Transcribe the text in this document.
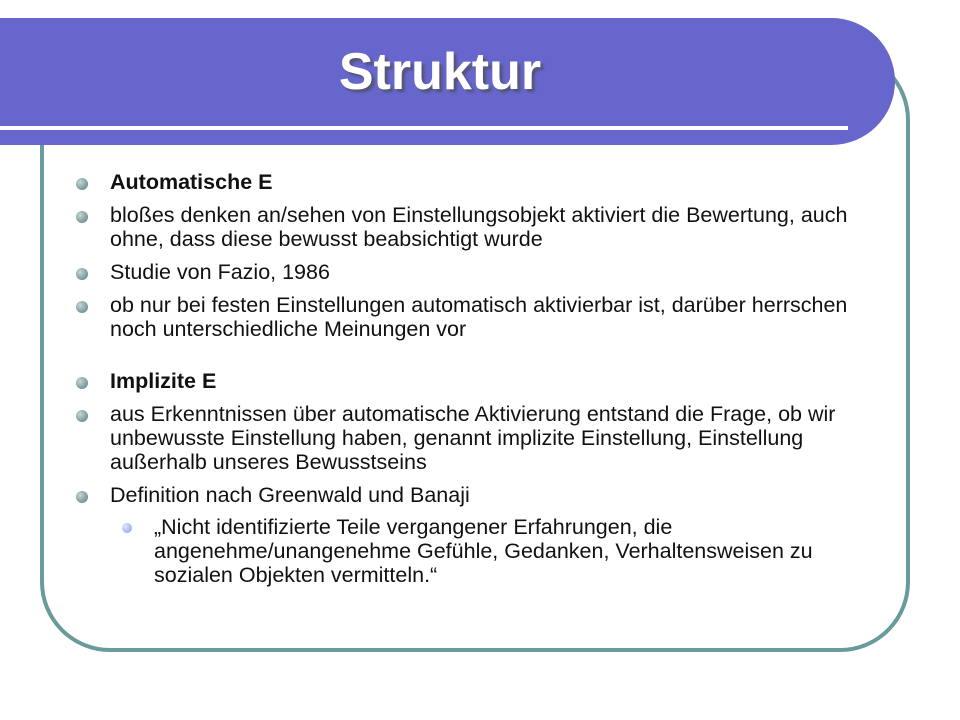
Struktur
Automatische E
bloßes denken an/sehen von Einstellungsobjekt aktiviert die Bewertung, auch ohne, dass diese bewusst beabsichtigt wurde
Studie von Fazio, 1986
ob nur bei festen Einstellungen automatisch aktivierbar ist, darüber herrschen noch unterschiedliche Meinungen vor
Implizite E
aus Erkenntnissen über automatische Aktivierung entstand die Frage, ob wir unbewusste Einstellung haben, genannt implizite Einstellung, Einstellung außerhalb unseres Bewusstseins
Definition nach Greenwald und Banaji
„Nicht identifizierte Teile vergangener Erfahrungen, die angenehme/unangenehme Gefühle, Gedanken, Verhaltensweisen zu sozialen Objekten vermitteln.“
